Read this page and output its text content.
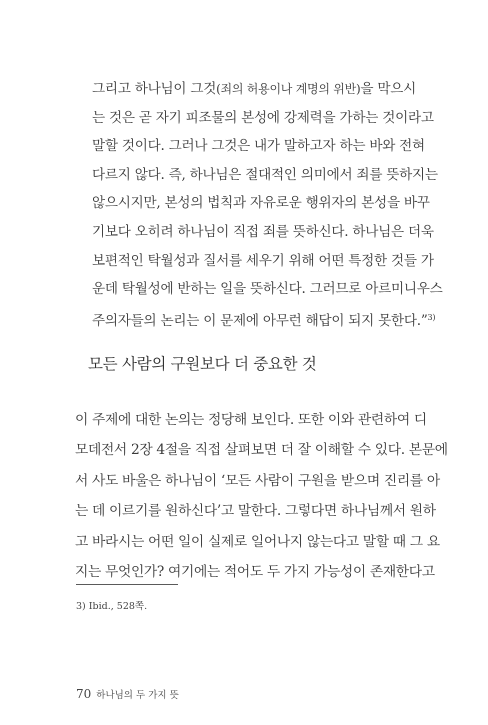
그리고 하나님이 그것(죄의 허용이나 계명의 위반)을 막으시
는 것은 곧 자기 피조물의 본성에 강제력을 가하는 것이라고
말할 것이다. 그러나 그것은 내가 말하고자 하는 바와 전혀
다르지 않다. 즉, 하나님은 절대적인 의미에서 죄를 뜻하지는
않으시지만, 본성의 법칙과 자유로운 행위자의 본성을 바꾸
기보다 오히려 하나님이 직접 죄를 뜻하신다. 하나님은 더욱
보편적인 탁월성과 질서를 세우기 위해 어떤 특정한 것들 가
운데 탁월성에 반하는 일을 뜻하신다. 그러므로 아르미니우스
주의자들의 논리는 이 문제에 아무런 해답이 되지 못한다.”$^{3)}$
모든 사람의 구원보다 더 중요한 것
이 주제에 대한 논의는 정당해 보인다. 또한 이와 관련하여 디
모데전서 2장 4절을 직접 살펴보면 더 잘 이해할 수 있다. 본문에
서 사도 바울은 하나님이 ‘모든 사람이 구원을 받으며 진리를 아
는 데 이르기를 원하신다’고 말한다. 그렇다면 하나님께서 원하
고 바라시는 어떤 일이 실제로 일어나지 않는다고 말할 때 그 요
지는 무엇인가? 여기에는 적어도 두 가지 가능성이 존재한다고
3) Ibid., 528쪽.
70 하나님의 두 가지 뜻
